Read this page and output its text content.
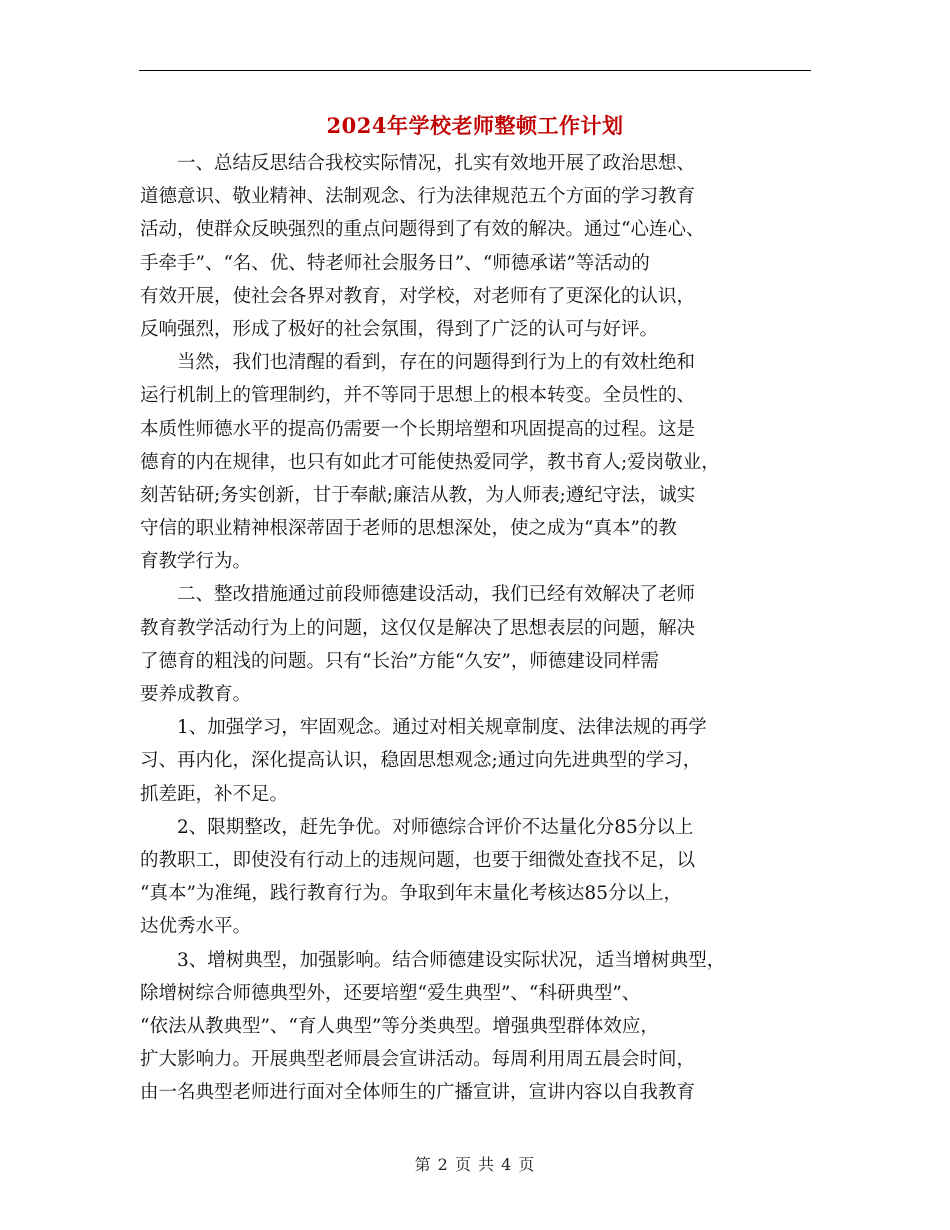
2024年学校老师整顿工作计划
　　一、总结反思结合我校实际情况，扎实有效地开展了政治思想、
道德意识、敬业精神、法制观念、行为法律规范五个方面的学习教育
活动，使群众反映强烈的重点问题得到了有效的解决。通过“心连心、
手牵手”、“名、优、特老师社会服务日”、“师德承诺”等活动的
有效开展，使社会各界对教育，对学校，对老师有了更深化的认识，
反响强烈，形成了极好的社会氛围，得到了广泛的认可与好评。
　　当然，我们也清醒的看到，存在的问题得到行为上的有效杜绝和
运行机制上的管理制约，并不等同于思想上的根本转变。全员性的、
本质性师德水平的提高仍需要一个长期培塑和巩固提高的过程。这是
德育的内在规律，也只有如此才可能使热爱同学，教书育人;爱岗敬业，
刻苦钻研;务实创新，甘于奉献;廉洁从教，为人师表;遵纪守法，诚实
守信的职业精神根深蒂固于老师的思想深处，使之成为“真本”的教
育教学行为。
　　二、整改措施通过前段师德建设活动，我们已经有效解决了老师
教育教学活动行为上的问题，这仅仅是解决了思想表层的问题，解决
了德育的粗浅的问题。只有“长治”方能“久安”，师德建设同样需
要养成教育。
　　1、加强学习，牢固观念。通过对相关规章制度、法律法规的再学
习、再内化，深化提高认识，稳固思想观念;通过向先进典型的学习，
抓差距，补不足。
　　2、限期整改，赶先争优。对师德综合评价不达量化分85分以上
的教职工，即使没有行动上的违规问题，也要于细微处查找不足，以
“真本”为准绳，践行教育行为。争取到年末量化考核达85分以上，
达优秀水平。
　　3、增树典型，加强影响。结合师德建设实际状况，适当增树典型，
除增树综合师德典型外，还要培塑“爱生典型”、“科研典型”、
“依法从教典型”、“育人典型”等分类典型。增强典型群体效应，
扩大影响力。开展典型老师晨会宣讲活动。每周利用周五晨会时间，
由一名典型老师进行面对全体师生的广播宣讲，宣讲内容以自我教育
第 2 页 共 4 页
